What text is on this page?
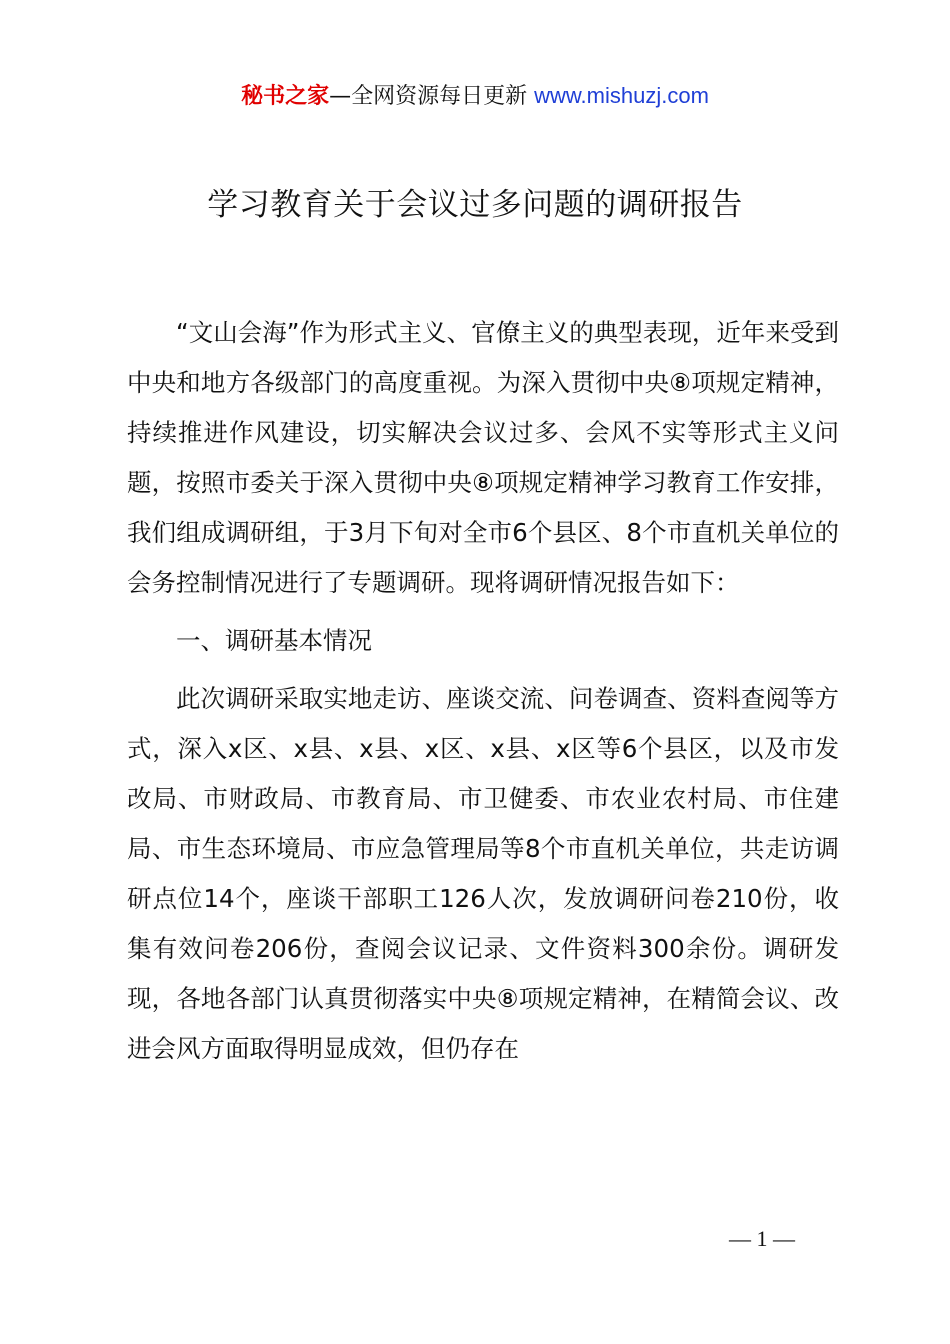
秘书之家—全网资源每日更新 www.mishuzj.com
学习教育关于会议过多问题的调研报告

“文山会海”作为形式主义、官僚主义的典型表现，近年来受到中央和地方各级部门的高度重视。为深入贯彻中央⑧项规定精神，持续推进作风建设，切实解决会议过多、会风不实等形式主义问题，按照市委关于深入贯彻中央⑧项规定精神学习教育工作安排，我们组成调研组，于3月下旬对全市6个县区、8个市直机关单位的会务控制情况进行了专题调研。现将调研情况报告如下：

一、调研基本情况

此次调研采取实地走访、座谈交流、问卷调查、资料查阅等方式，深入x区、x县、x县、x区、x县、x区等6个县区，以及市发改局、市财政局、市教育局、市卫健委、市农业农村局、市住建局、市生态环境局、市应急管理局等8个市直机关单位，共走访调研点位14个，座谈干部职工126人次，发放调研问卷210份，收集有效问卷206份，查阅会议记录、文件资料300余份。调研发现，各地各部门认真贯彻落实中央⑧项规定精神，在精简会议、改进会风方面取得明显成效，但仍存在

— 1 —
